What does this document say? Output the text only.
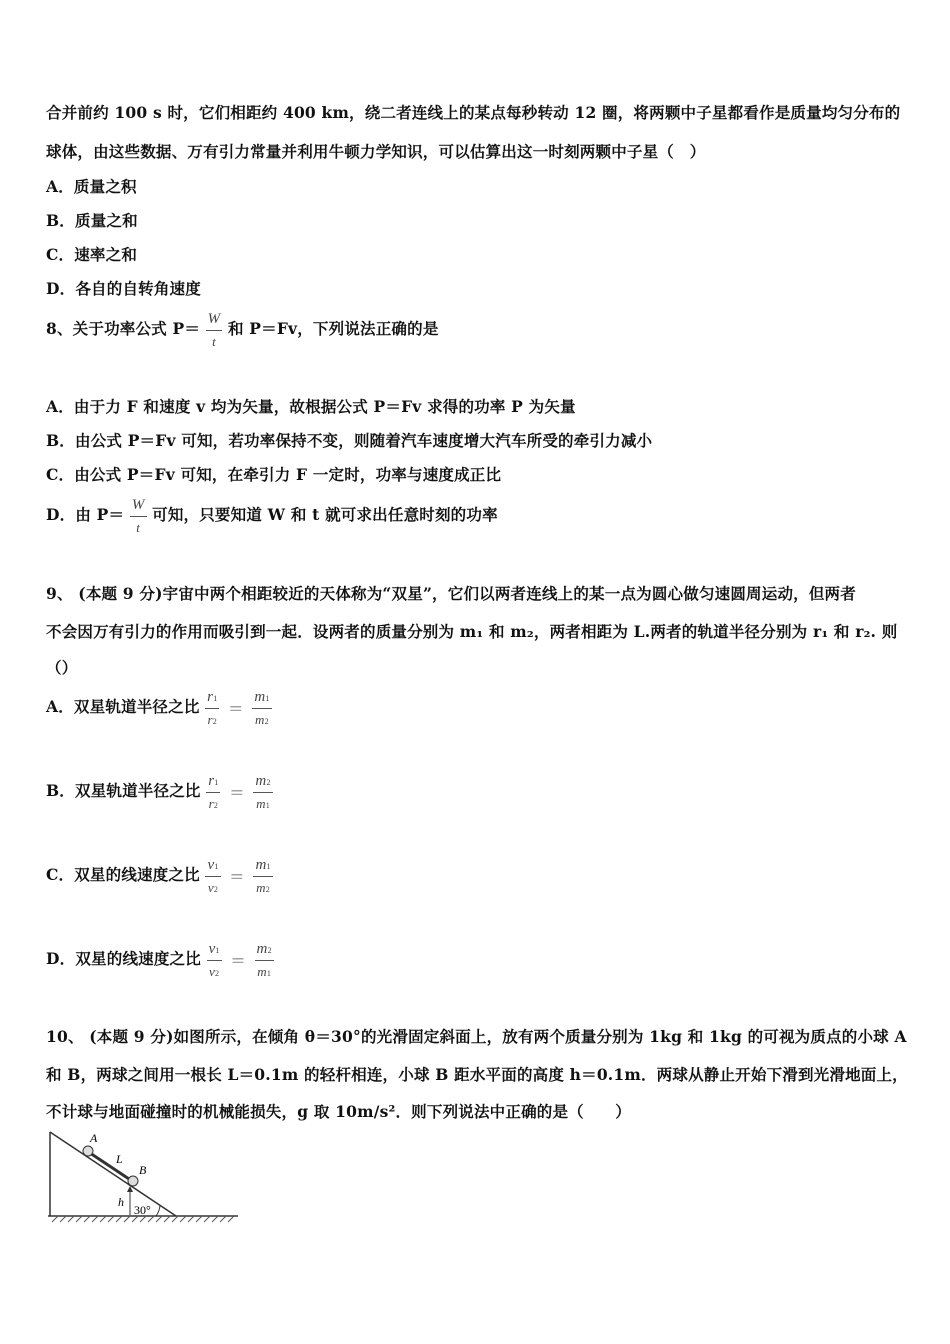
合并前约 100 s 时，它们相距约 400 km，绕二者连线上的某点每秒转动 12 圈，将两颗中子星都看作是质量均匀分布的
球体，由这些数据、万有引力常量并利用牛顿力学知识，可以估算出这一时刻两颗中子星（　）
A．质量之积
B．质量之和
C．速率之和
D．各自的自转角速度
8、关于功率公式 $P= \frac{W}{t}$ 和 P＝Fv，下列说法正确的是
A．由于力 F 和速度 v 均为矢量，故根据公式 P＝Fv 求得的功率 P 为矢量
B．由公式 P＝Fv 可知，若功率保持不变，则随着汽车速度增大汽车所受的牵引力减小
C．由公式 P＝Fv 可知，在牵引力 F 一定时，功率与速度成正比
D．由 $P= \frac{W}{t}$ 可知，只要知道 W 和 t 就可求出任意时刻的功率
9、 (本题 9 分)宇宙中两个相距较近的天体称为“双星”，它们以两者连线上的某一点为圆心做匀速圆周运动，但两者
不会因万有引力的作用而吸引到一起．设两者的质量分别为 m₁ 和 m₂，两者相距为 L.两者的轨道半径分别为 r₁ 和 r₂. 则
（）
A．双星轨道半径之比 $\frac{r1}{r2} = \frac{m1}{m2}$
B．双星轨道半径之比 $\frac{r1}{r2} = \frac{m2}{m1}$
C．双星的线速度之比 $\frac{v1}{v2} = \frac{m1}{m2}$
D．双星的线速度之比 $\frac{v1}{v2} = \frac{m2}{m1}$
10、 (本题 9 分)如图所示，在倾角 θ＝30°的光滑固定斜面上，放有两个质量分别为 1kg 和 1kg 的可视为质点的小球 A
和 B，两球之间用一根长 L＝0.1m 的轻杆相连，小球 B 距水平面的高度 h＝0.1m．两球从静止开始下滑到光滑地面上，
不计球与地面碰撞时的机械能损失，g 取 10m/s²．则下列说法中正确的是（　　）
A
L
B
h
30°
